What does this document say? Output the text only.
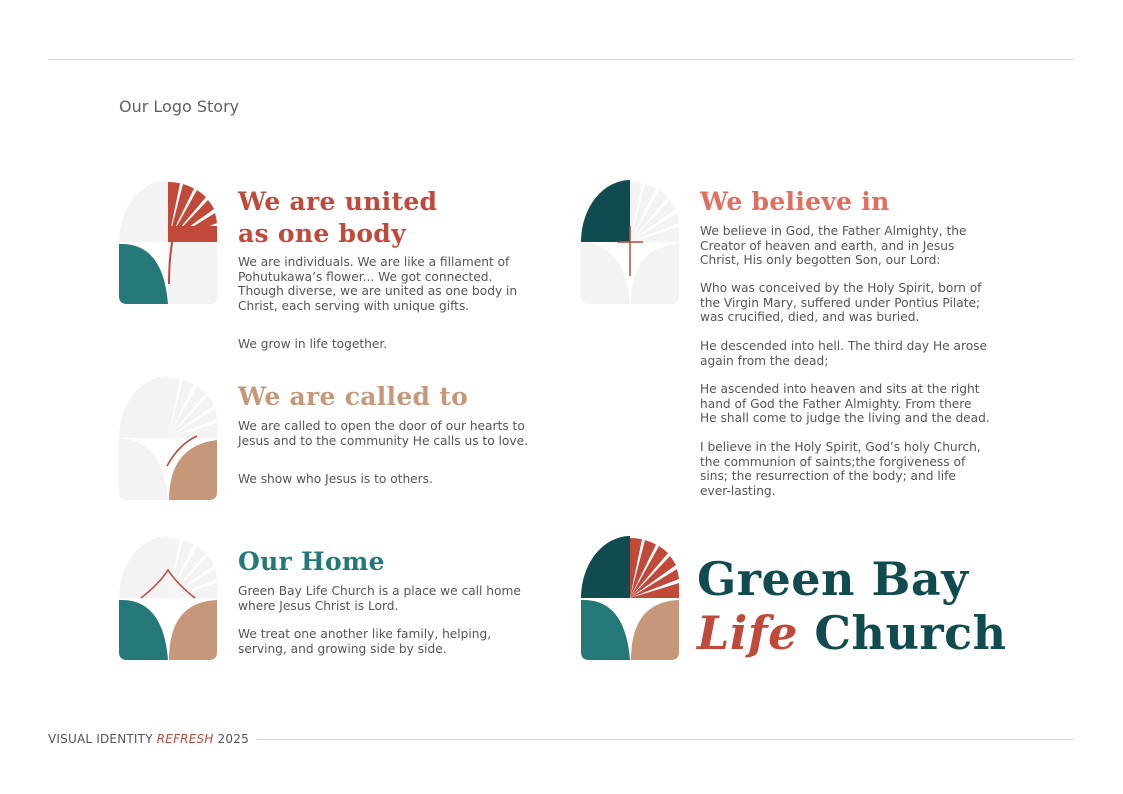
Our Logo Story
We are united
as one body

We are individuals. We are like a fillament of Pohutukawa’s flower... We got connected. Though diverse, we are united as one body in Christ, each serving with unique gifts.

We grow in life together.

We are called to

We are called to open the door of our hearts to Jesus and to the community He calls us to love.

We show who Jesus is to others.

Our Home

Green Bay Life Church is a place we call home where Jesus Christ is Lord.

We treat one another like family, helping, serving, and growing side by side.

We believe in

We believe in God, the Father Almighty, the Creator of heaven and earth, and in Jesus Christ, His only begotten Son, our Lord:

Who was conceived by the Holy Spirit, born of the Virgin Mary, suffered under Pontius Pilate; was crucified, died, and was buried.

He descended into hell. The third day He arose again from the dead;

He ascended into heaven and sits at the right hand of God the Father Almighty. From there He shall come to judge the living and the dead.

I believe in the Holy Spirit, God’s holy Church, the communion of saints;the forgiveness of sins; the resurrection of the body; and life ever-lasting.

Green Bay

Life Church

VISUAL IDENTITY REFRESH 2025
